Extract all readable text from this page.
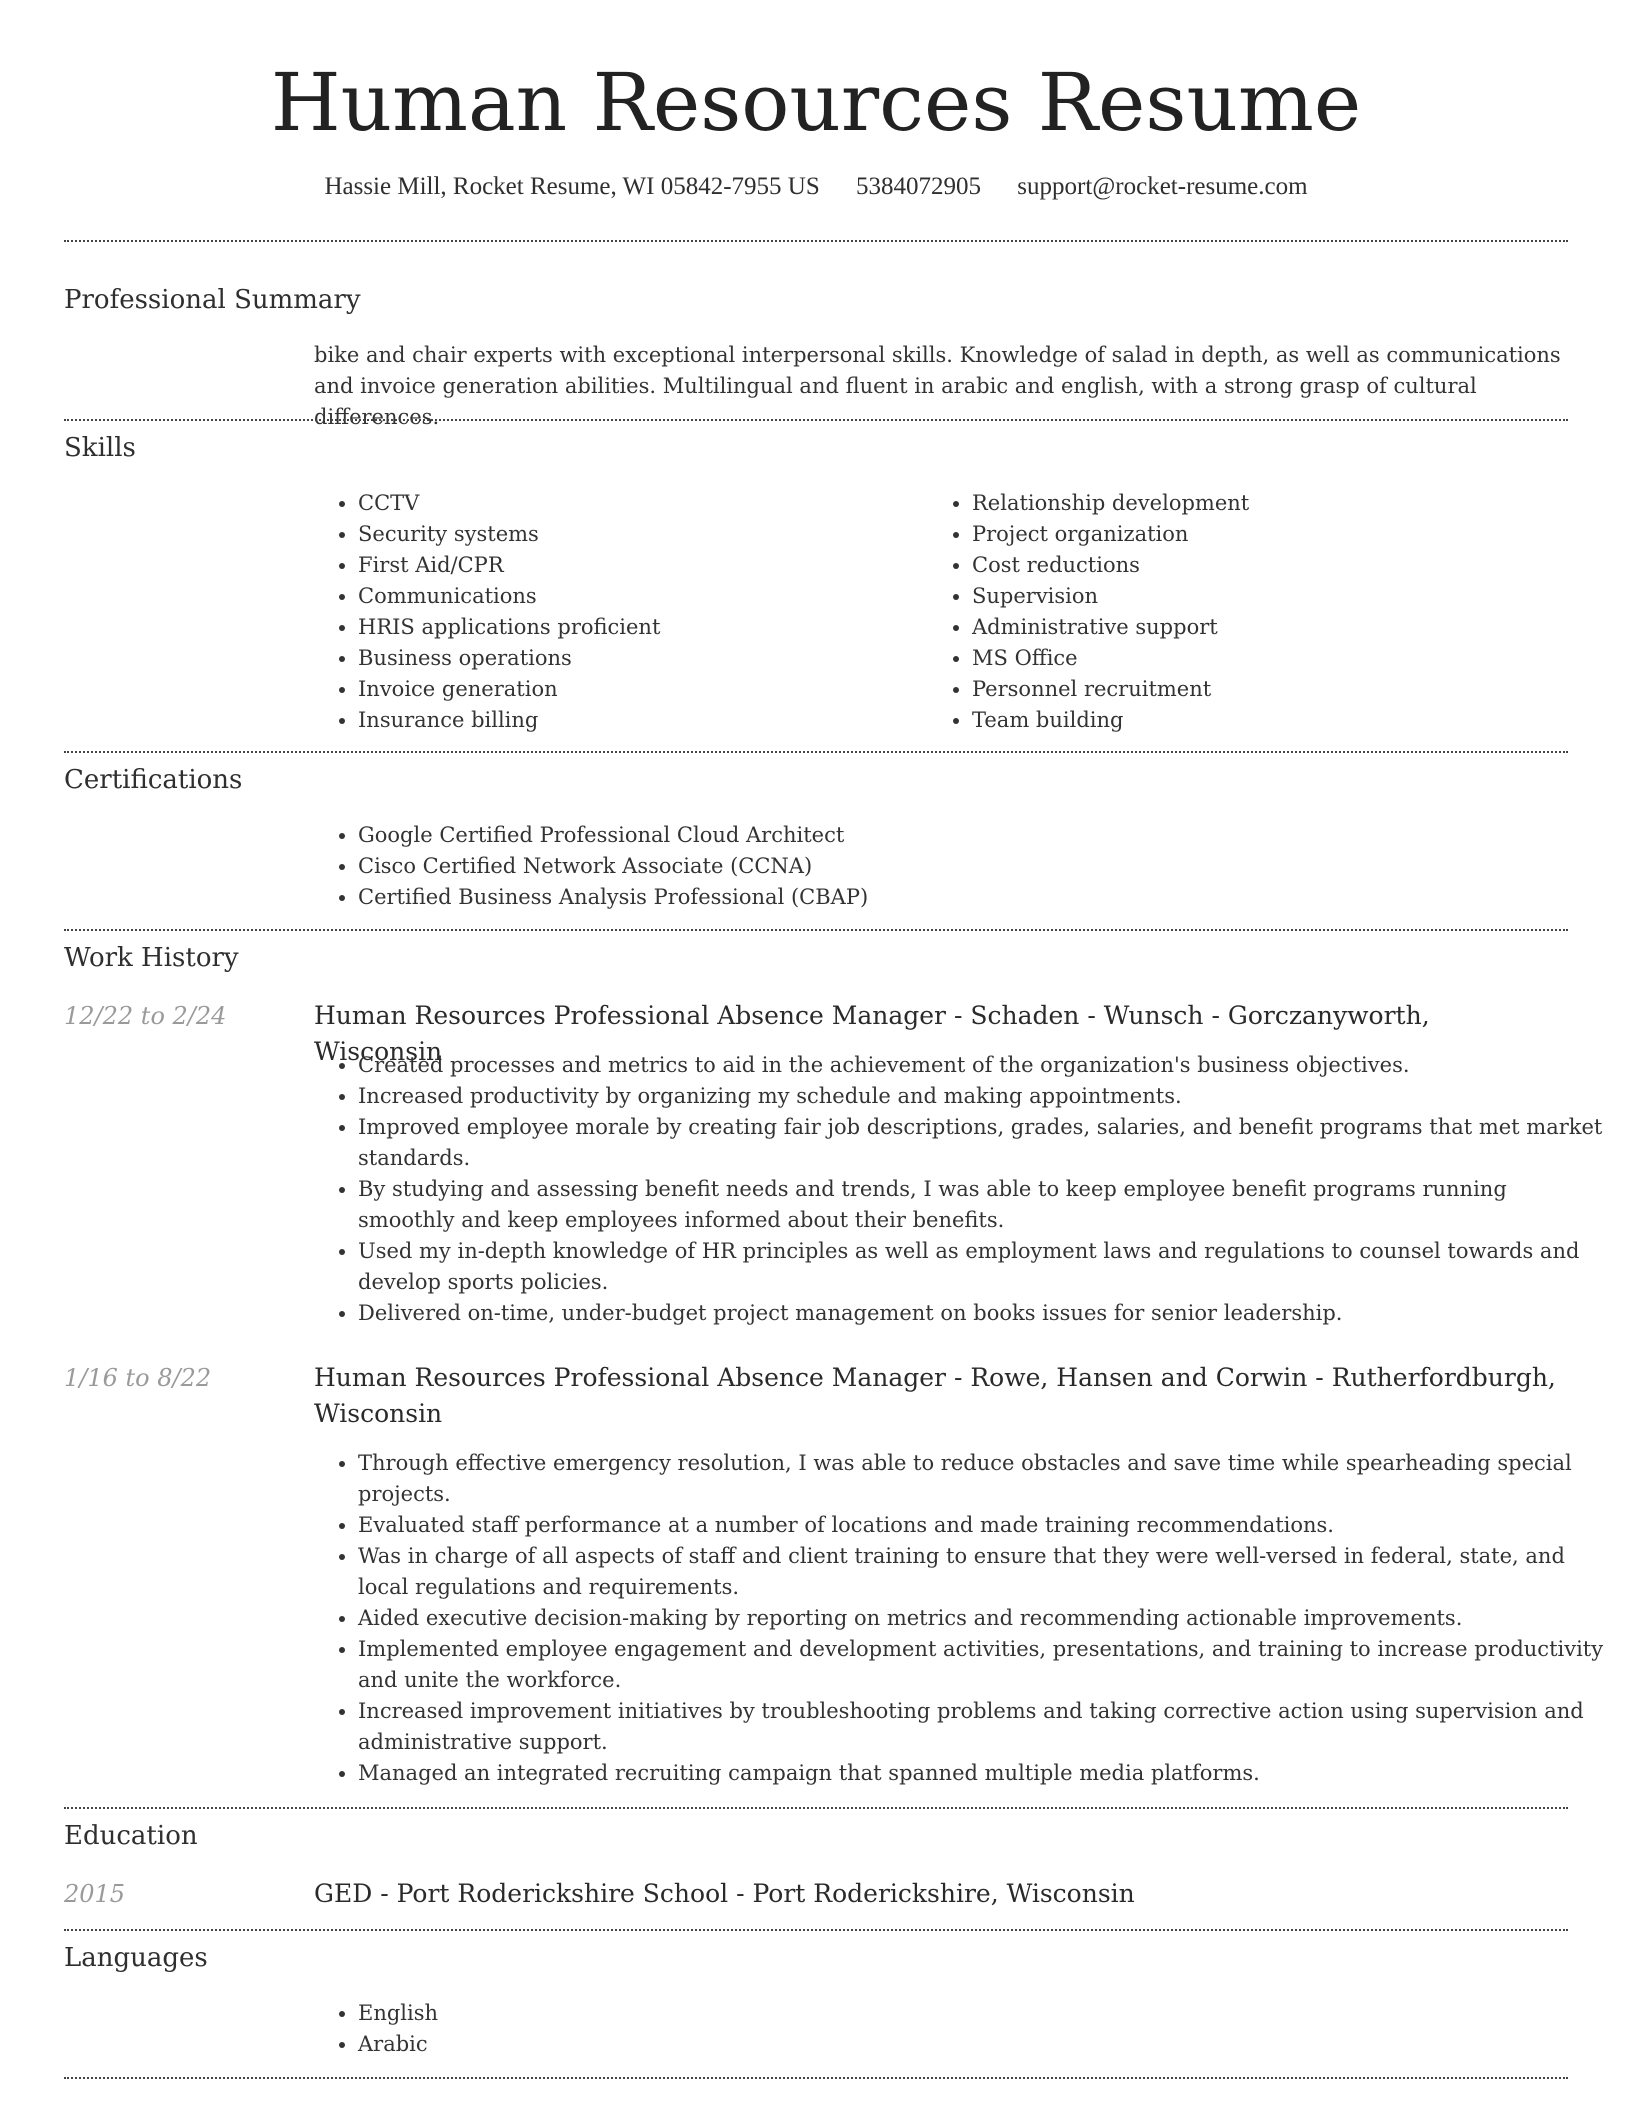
Human Resources Resume
Hassie Mill, Rocket Resume, WI 05842-7955 US 5384072905 support@rocket-resume.com
Professional Summary
bike and chair experts with exceptional interpersonal skills. Knowledge of salad in depth, as well as communications and invoice generation abilities. Multilingual and fluent in arabic and english, with a strong grasp of cultural differences.
Skills
• CCTV
• Security systems
• First Aid/CPR
• Communications
• HRIS applications proficient
• Business operations
• Invoice generation
• Insurance billing
• Relationship development
• Project organization
• Cost reductions
• Supervision
• Administrative support
• MS Office
• Personnel recruitment
• Team building
Certifications
• Google Certified Professional Cloud Architect
• Cisco Certified Network Associate (CCNA)
• Certified Business Analysis Professional (CBAP)
Work History
12/22 to 2/24	Human Resources Professional Absence Manager - Schaden - Wunsch - Gorczanyworth, Wisconsin
• Created processes and metrics to aid in the achievement of the organization's business objectives.
• Increased productivity by organizing my schedule and making appointments.
• Improved employee morale by creating fair job descriptions, grades, salaries, and benefit programs that met market standards.
• By studying and assessing benefit needs and trends, I was able to keep employee benefit programs running smoothly and keep employees informed about their benefits.
• Used my in-depth knowledge of HR principles as well as employment laws and regulations to counsel towards and develop sports policies.
• Delivered on-time, under-budget project management on books issues for senior leadership.
1/16 to 8/22	Human Resources Professional Absence Manager - Rowe, Hansen and Corwin - Rutherfordburgh, Wisconsin
• Through effective emergency resolution, I was able to reduce obstacles and save time while spearheading special projects.
• Evaluated staff performance at a number of locations and made training recommendations.
• Was in charge of all aspects of staff and client training to ensure that they were well-versed in federal, state, and local regulations and requirements.
• Aided executive decision-making by reporting on metrics and recommending actionable improvements.
• Implemented employee engagement and development activities, presentations, and training to increase productivity and unite the workforce.
• Increased improvement initiatives by troubleshooting problems and taking corrective action using supervision and administrative support.
• Managed an integrated recruiting campaign that spanned multiple media platforms.
Education
2015	GED - Port Roderickshire School - Port Roderickshire, Wisconsin
Languages
• English
• Arabic
